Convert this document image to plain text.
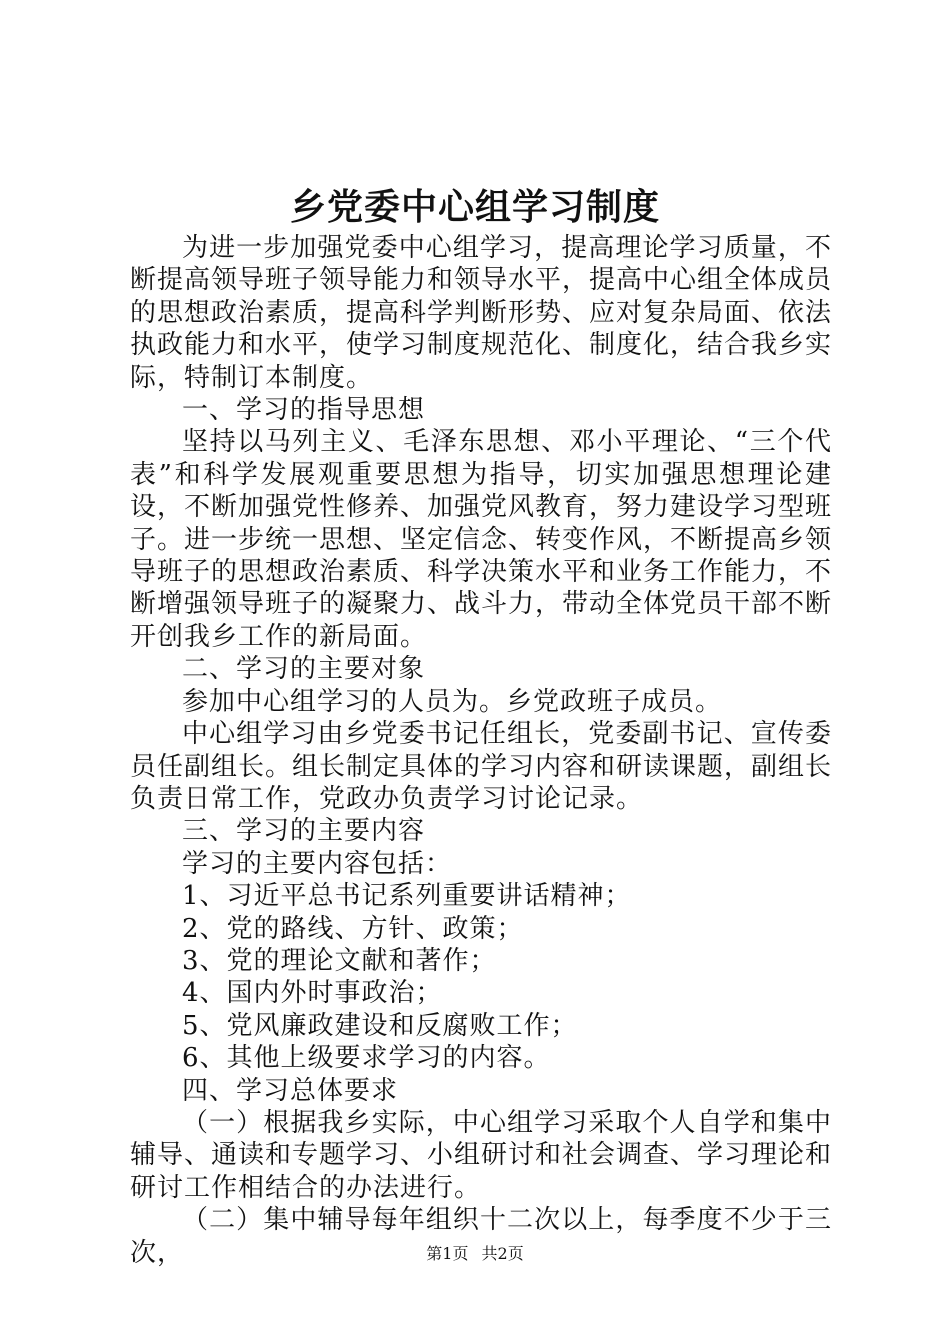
乡党委中心组学习制度

为进一步加强党委中心组学习，提高理论学习质量，不断提高领导班子领导能力和领导水平，提高中心组全体成员的思想政治素质，提高科学判断形势、应对复杂局面、依法执政能力和水平，使学习制度规范化、制度化，结合我乡实际，特制订本制度。

一、学习的指导思想

坚持以马列主义、毛泽东思想、邓小平理论、“三个代表”和科学发展观重要思想为指导，切实加强思想理论建设，不断加强党性修养、加强党风教育，努力建设学习型班子。进一步统一思想、坚定信念、转变作风，不断提高乡领导班子的思想政治素质、科学决策水平和业务工作能力，不断增强领导班子的凝聚力、战斗力，带动全体党员干部不断开创我乡工作的新局面。

二、学习的主要对象

参加中心组学习的人员为。乡党政班子成员。

中心组学习由乡党委书记任组长，党委副书记、宣传委员任副组长。组长制定具体的学习内容和研读课题，副组长负责日常工作，党政办负责学习讨论记录。

三、学习的主要内容

学习的主要内容包括：

1、习近平总书记系列重要讲话精神；

2、党的路线、方针、政策；

3、党的理论文献和著作；

4、国内外时事政治；

5、党风廉政建设和反腐败工作；

6、其他上级要求学习的内容。

四、学习总体要求

（一）根据我乡实际，中心组学习采取个人自学和集中辅导、通读和专题学习、小组研讨和社会调查、学习理论和研讨工作相结合的办法进行。

（二）集中辅导每年组织十二次以上，每季度不少于三次，	第1页 共2页
